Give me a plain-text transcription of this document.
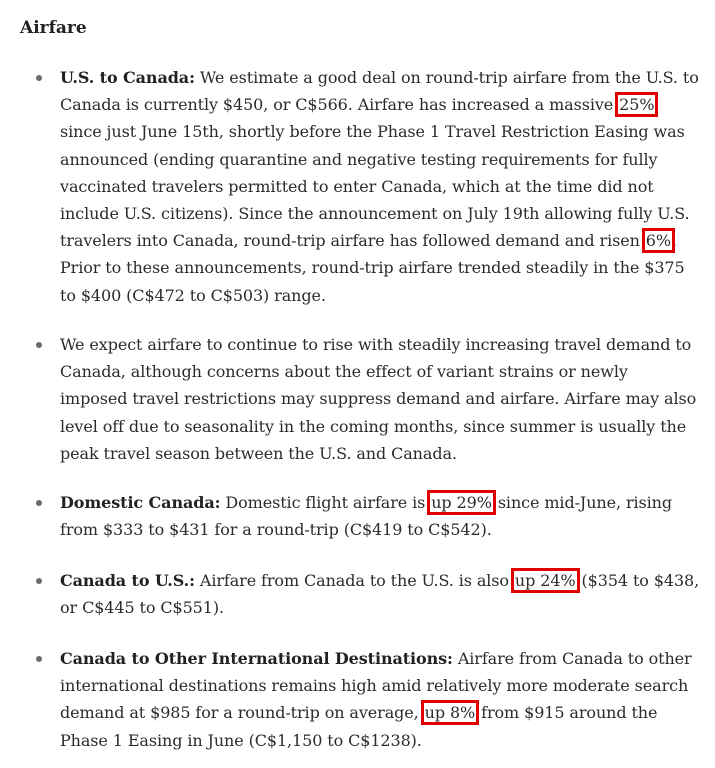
Airfare

U.S. to Canada: We estimate a good deal on round-trip airfare from the U.S. to Canada is currently $450, or C$566. Airfare has increased a massive 25% since just June 15th, shortly before the Phase 1 Travel Restriction Easing was announced (ending quarantine and negative testing requirements for fully vaccinated travelers permitted to enter Canada, which at the time did not include U.S. citizens). Since the announcement on July 19th allowing fully U.S. travelers into Canada, round-trip airfare has followed demand and risen 6%. Prior to these announcements, round-trip airfare trended steadily in the $375 to $400 (C$472 to C$503) range.

We expect airfare to continue to rise with steadily increasing travel demand to Canada, although concerns about the effect of variant strains or newly imposed travel restrictions may suppress demand and airfare. Airfare may also level off due to seasonality in the coming months, since summer is usually the peak travel season between the U.S. and Canada.

Domestic Canada: Domestic flight airfare is up 29% since mid-June, rising from $333 to $431 for a round-trip (C$419 to C$542).

Canada to U.S.: Airfare from Canada to the U.S. is also up 24% ($354 to $438, or C$445 to C$551).

Canada to Other International Destinations: Airfare from Canada to other international destinations remains high amid relatively more moderate search demand at $985 for a round-trip on average, up 8% from $915 around the Phase 1 Easing in June (C$1,150 to C$1238).
